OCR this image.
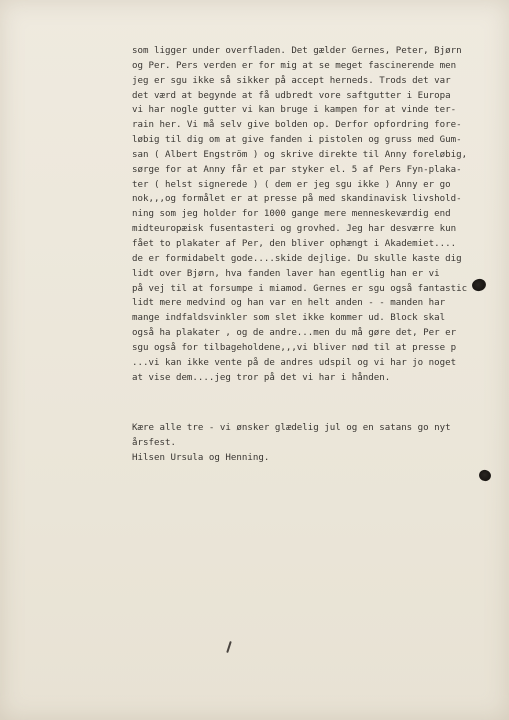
som ligger under overfladen. Det gælder Gernes, Peter, Bjørn
og Per. Pers verden er for mig at se meget fascinerende men
jeg er sgu ikke så sikker på accept herneds. Trods det var
det værd at begynde at få udbredt vore saftgutter i Europa
vi har nogle gutter vi kan bruge i kampen for at vinde ter-
rain her. Vi må selv give bolden op. Derfor opfordring fore-
løbig til dig om at give fanden i pistolen og gruss med Gum-
san ( Albert Engström ) og skrive direkte til Anny foreløbig,
sørge for at Anny får et par styker el. 5 af Pers Fyn-plaka-
ter ( helst signerede ) ( dem er jeg sgu ikke ) Anny er go
nok,,,og formålet er at presse på med skandinavisk livshold-
ning som jeg holder for 1000 gange mere menneskeværdig end
midteuropæisk fusentasteri og grovhed. Jeg har desværre kun
fået to plakater af Per, den bliver ophængt i Akademiet....
de er formidabelt gode....skide dejlige. Du skulle kaste dig
lidt over Bjørn, hva fanden laver han egentlig han er vi
på vej til at forsumpe i miamod. Gernes er sgu også fantastic
lidt mere medvind og han var en helt anden - - manden har
mange indfaldsvinkler som slet ikke kommer ud. Block skal
også ha plakater , og de andre...men du må gøre det, Per er
sgu også for tilbageholdene,,,vi bliver nød til at presse p
...vi kan ikke vente på de andres udspil og vi har jo noget
at vise dem....jeg tror på det vi har i hånden.
Kære alle tre - vi ønsker glædelig jul og en satans go nyt
årsfest.
Hilsen Ursula og Henning.
